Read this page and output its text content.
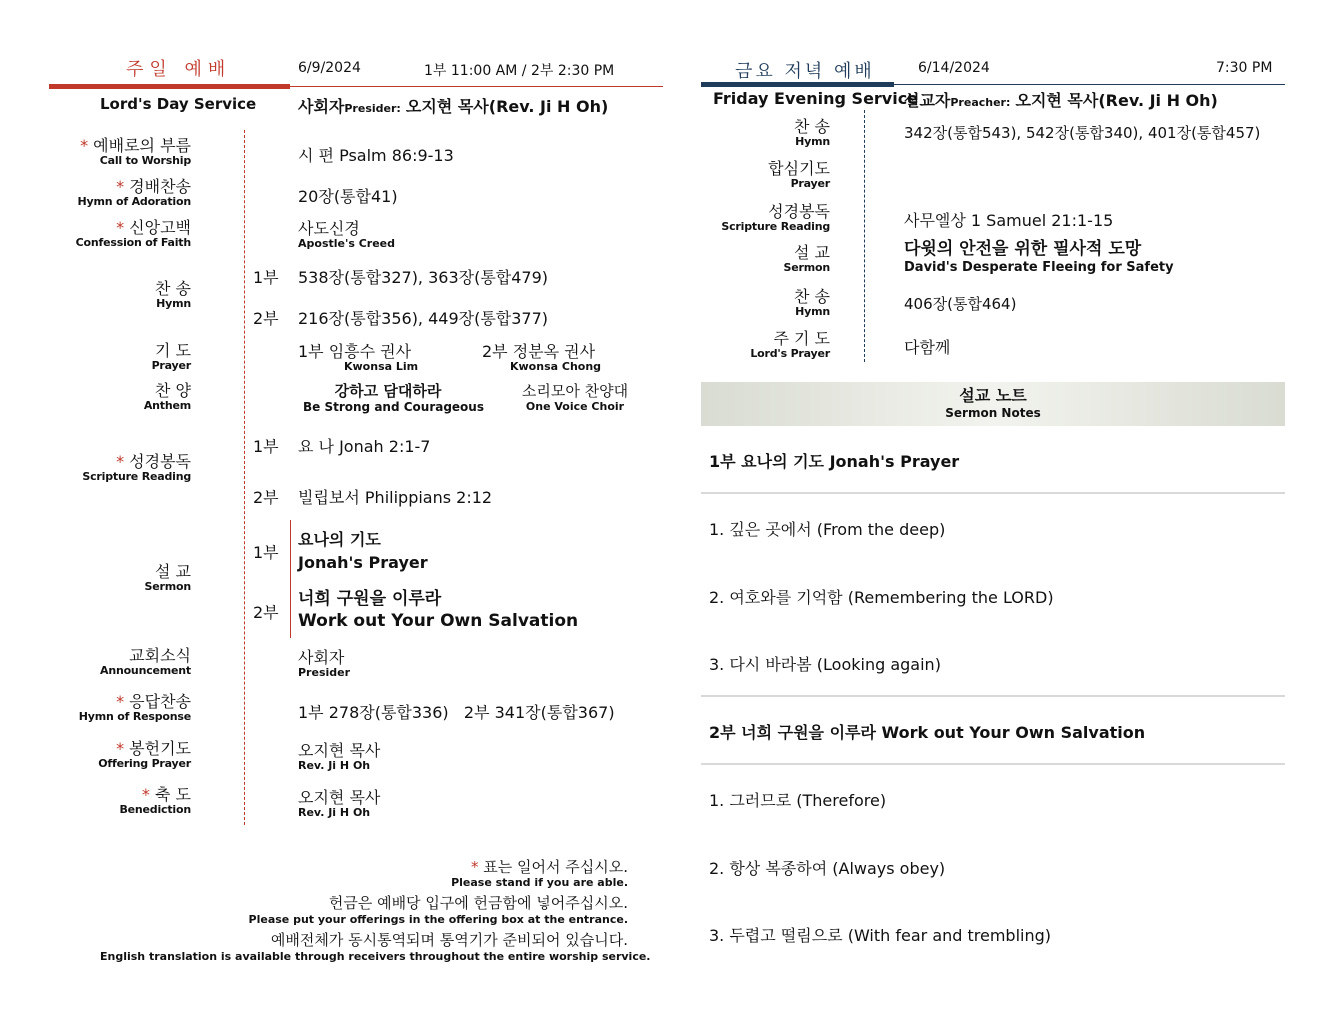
주일 예배
Lord's Day Service
6/9/2024	1부 11:00 AM / 2부 2:30 PM
사회자Presider: 오지현 목사(Rev. Ji H Oh)
* 예배로의 부름
Call to Worship
* 경배찬송
Hymn of Adoration
* 신앙고백
Confession of Faith
찬 송
Hymn
기 도
Prayer
찬 양
Anthem
* 성경봉독
Scripture Reading
설 교
Sermon
교회소식
Announcement
* 응답찬송
Hymn of Response
* 봉헌기도
Offering Prayer
* 축 도
Benediction
1부
2부
1부
2부
1부
2부
시 편 Psalm 86:9-13
20장(통합41)
사도신경
Apostle's Creed
538장(통합327), 363장(통합479)
216장(통합356), 449장(통합377)
1부 임흥수 권사
Kwonsa Lim
2부 정분옥 권사
Kwonsa Chong
강하고 담대하라
Be Strong and Courageous
소리모아 찬양대
One Voice Choir
요 나 Jonah 2:1-7
빌립보서 Philippians 2:12
요나의 기도
Jonah's Prayer
너희 구원을 이루라
Work out Your Own Salvation
사회자
Presider
1부 278장(통합336)   2부 341장(통합367)
오지현 목사
Rev. Ji H Oh
오지현 목사
Rev. Ji H Oh
* 표는 일어서 주십시오.
Please stand if you are able.
헌금은 예배당 입구에 헌금함에 넣어주십시오.
Please put your offerings in the offering box at the entrance.
예배전체가 동시통역되며 통역기가 준비되어 있습니다.
English translation is available through receivers throughout the entire worship service.
금요 저녁 예배
Friday Evening Service
6/14/2024	7:30 PM
설교자Preacher: 오지현 목사(Rev. Ji H Oh)
찬 송
Hymn
합심기도
Prayer
성경봉독
Scripture Reading
설 교
Sermon
찬 송
Hymn
주 기 도
Lord's Prayer
342장(통합543), 542장(통합340), 401장(통합457)
사무엘상 1 Samuel 21:1-15
다윗의 안전을 위한 필사적 도망
David's Desperate Fleeing for Safety
406장(통합464)
다함께
설교 노트
Sermon Notes
1부 요나의 기도 Jonah's Prayer
1. 깊은 곳에서 (From the deep)
2. 여호와를 기억함 (Remembering the LORD)
3. 다시 바라봄 (Looking again)
2부 너희 구원을 이루라 Work out Your Own Salvation
1. 그러므로 (Therefore)
2. 항상 복종하여 (Always obey)
3. 두렵고 떨림으로 (With fear and trembling)
